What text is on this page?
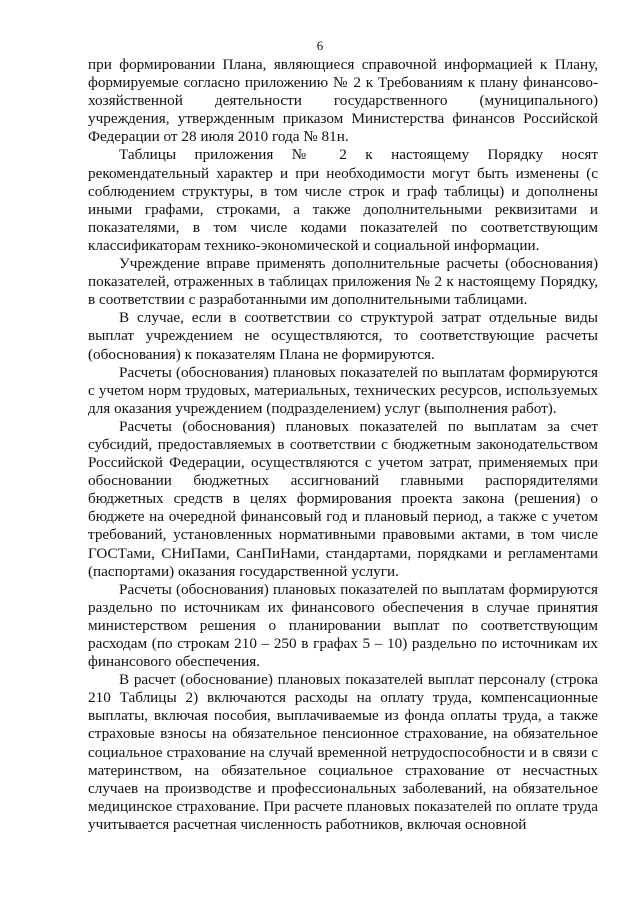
6

при формировании Плана, являющиеся справочной информацией к Плану, формируемые согласно приложению № 2 к Требованиям к плану финансово-хозяйственной деятельности государственного (муниципального) учреждения, утвержденным приказом Министерства финансов Российской Федерации от 28 июля 2010 года № 81н.

Таблицы приложения № 2 к настоящему Порядку носят рекомендательный характер и при необходимости могут быть изменены (с соблюдением структуры, в том числе строк и граф таблицы) и дополнены иными графами, строками, а также дополнительными реквизитами и показателями, в том числе кодами показателей по соответствующим классификаторам технико-экономической и социальной информации.

Учреждение вправе применять дополнительные расчеты (обоснования) показателей, отраженных в таблицах приложения № 2 к настоящему Порядку, в соответствии с разработанными им дополнительными таблицами.

В случае, если в соответствии со структурой затрат отдельные виды выплат учреждением не осуществляются, то соответствующие расчеты (обоснования) к показателям Плана не формируются.

Расчеты (обоснования) плановых показателей по выплатам формируются с учетом норм трудовых, материальных, технических ресурсов, используемых для оказания учреждением (подразделением) услуг (выполнения работ).

Расчеты (обоснования) плановых показателей по выплатам за счет субсидий, предоставляемых в соответствии с бюджетным законодательством Российской Федерации, осуществляются с учетом затрат, применяемых при обосновании бюджетных ассигнований главными распорядителями бюджетных средств в целях формирования проекта закона (решения) о бюджете на очередной финансовый год и плановый период, а также с учетом требований, установленных нормативными правовыми актами, в том числе ГОСТами, СНиПами, СанПиНами, стандартами, порядками и регламентами (паспортами) оказания государственной услуги.

Расчеты (обоснования) плановых показателей по выплатам формируются раздельно по источникам их финансового обеспечения в случае принятия министерством решения о планировании выплат по соответствующим расходам (по строкам 210 – 250 в графах 5 – 10) раздельно по источникам их финансового обеспечения.

В расчет (обоснование) плановых показателей выплат персоналу (строка 210 Таблицы 2) включаются расходы на оплату труда, компенсационные выплаты, включая пособия, выплачиваемые из фонда оплаты труда, а также страховые взносы на обязательное пенсионное страхование, на обязательное социальное страхование на случай временной нетрудоспособности и в связи с материнством, на обязательное социальное страхование от несчастных случаев на производстве и профессиональных заболеваний, на обязательное медицинское страхование. При расчете плановых показателей по оплате труда учитывается расчетная численность работников, включая основной
